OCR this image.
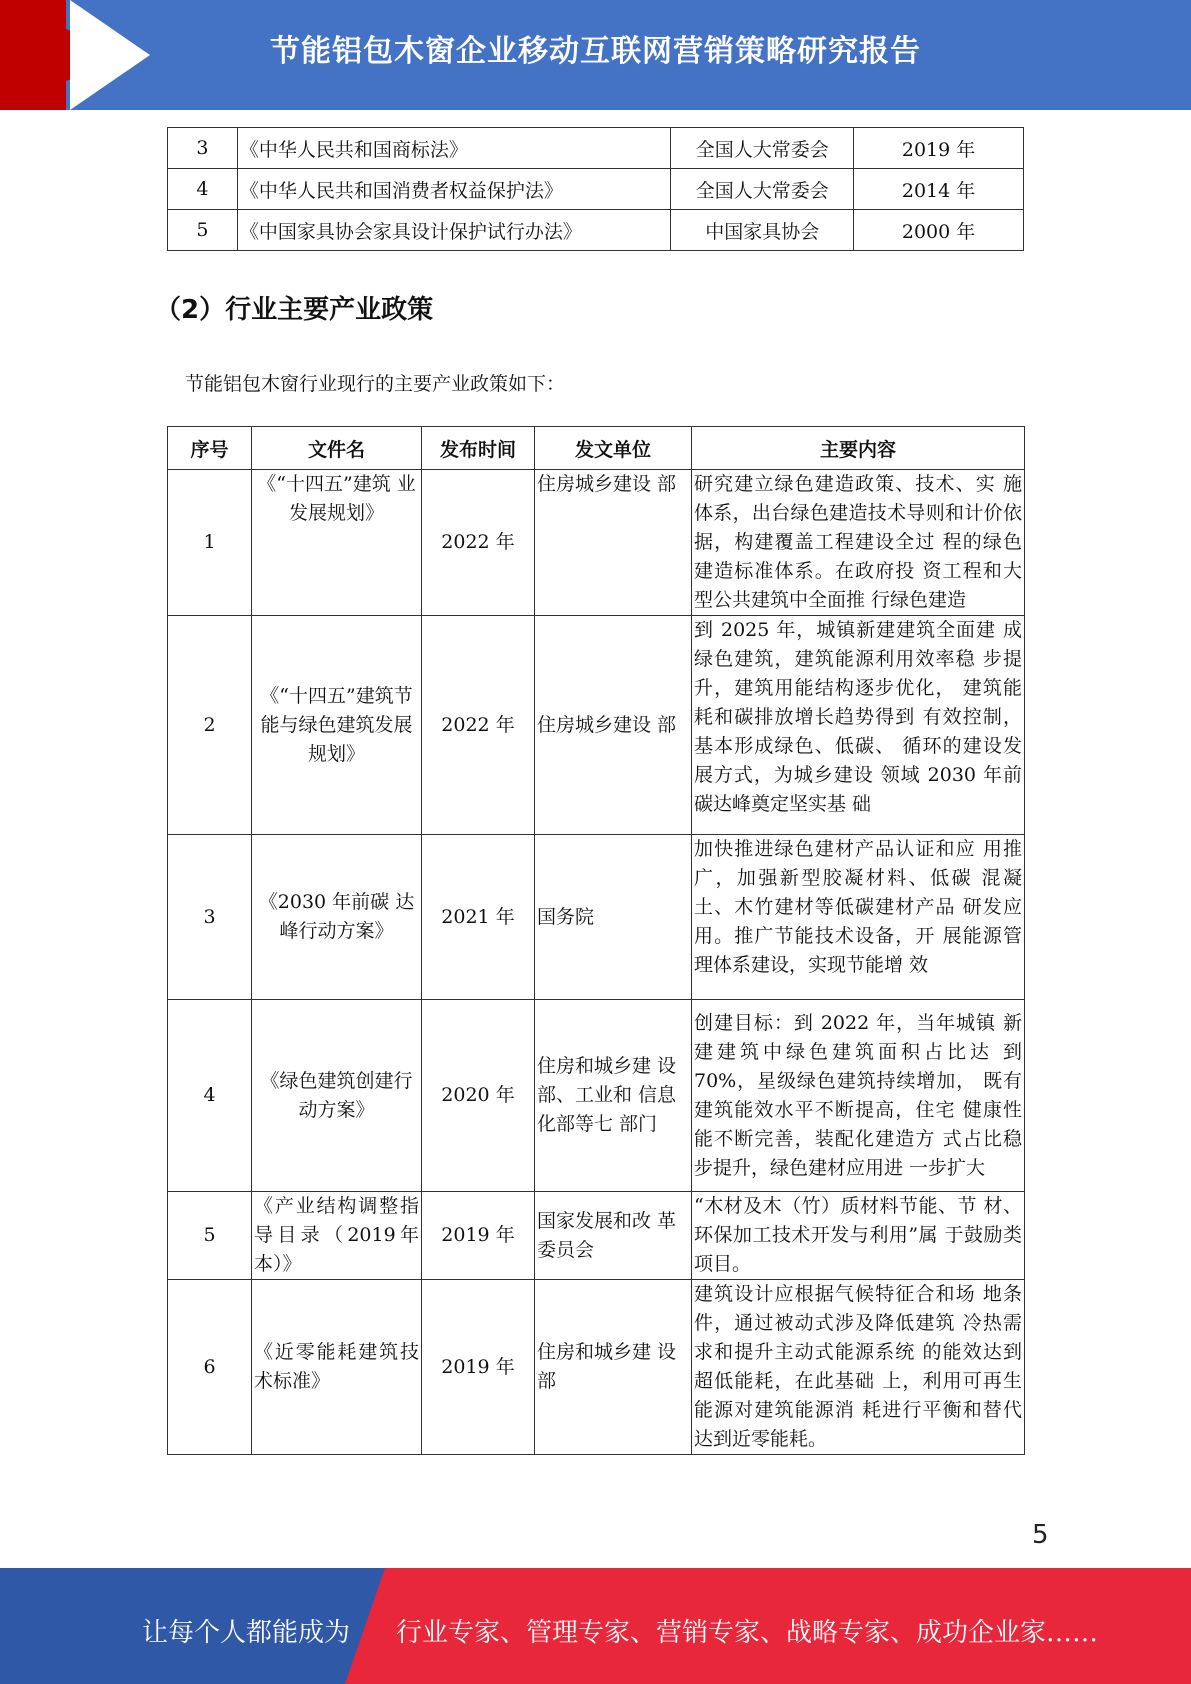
节能铝包木窗企业移动互联网营销策略研究报告
3	《中华人民共和国商标法》	全国人大常委会	2019 年
4	《中华人民共和国消费者权益保护法》	全国人大常委会	2014 年
5	《中国家具协会家具设计保护试行办法》	中国家具协会	2000 年
（2）行业主要产业政策
节能铝包木窗行业现行的主要产业政策如下：
序号	文件名	发布时间	发文单位	主要内容
1	《“十四五”建筑 业发展规划》	2022 年	住房城乡建设 部	研究建立绿色建造政策、技术、实 施体系，出台绿色建造技术导则和计价依据，构建覆盖工程建设全过 程的绿色建造标准体系。在政府投 资工程和大型公共建筑中全面推 行绿色建造
2	《“十四五”建筑节能与绿色建筑发展规划》	2022 年	住房城乡建设 部	到 2025 年，城镇新建建筑全面建 成绿色建筑，建筑能源利用效率稳 步提升，建筑用能结构逐步优化， 建筑能耗和碳排放增长趋势得到 有效控制，基本形成绿色、低碳、 循环的建设发展方式，为城乡建设 领域 2030 年前碳达峰奠定坚实基 础
3	《2030 年前碳 达峰行动方案》	2021 年	国务院	加快推进绿色建材产品认证和应 用推广，加强新型胶凝材料、低碳 混凝土、木竹建材等低碳建材产品 研发应用。推广节能技术设备，开 展能源管理体系建设，实现节能增 效
4	《绿色建筑创建行动方案》	2020 年	住房和城乡建 设部、工业和 信息化部等七 部门	创建目标：到 2022 年，当年城镇 新建建筑中绿色建筑面积占比达 到 70%，星级绿色建筑持续增加， 既有建筑能效水平不断提高，住宅 健康性能不断完善，装配化建造方 式占比稳步提升，绿色建材应用进 一步扩大
5	《产业结构调整指导目录（2019年本）》	2019 年	国家发展和改 革委员会	“木材及木（竹）质材料节能、节 材、环保加工技术开发与利用”属 于鼓励类项目。
6	《近零能耗建筑技术标准》	2019 年	住房和城乡建 设部	建筑设计应根据气候特征合和场 地条件，通过被动式涉及降低建筑 冷热需求和提升主动式能源系统 的能效达到超低能耗，在此基础 上，利用可再生能源对建筑能源消 耗进行平衡和替代达到近零能耗。
5
让每个人都能成为 行业专家、管理专家、营销专家、战略专家、成功企业家……
